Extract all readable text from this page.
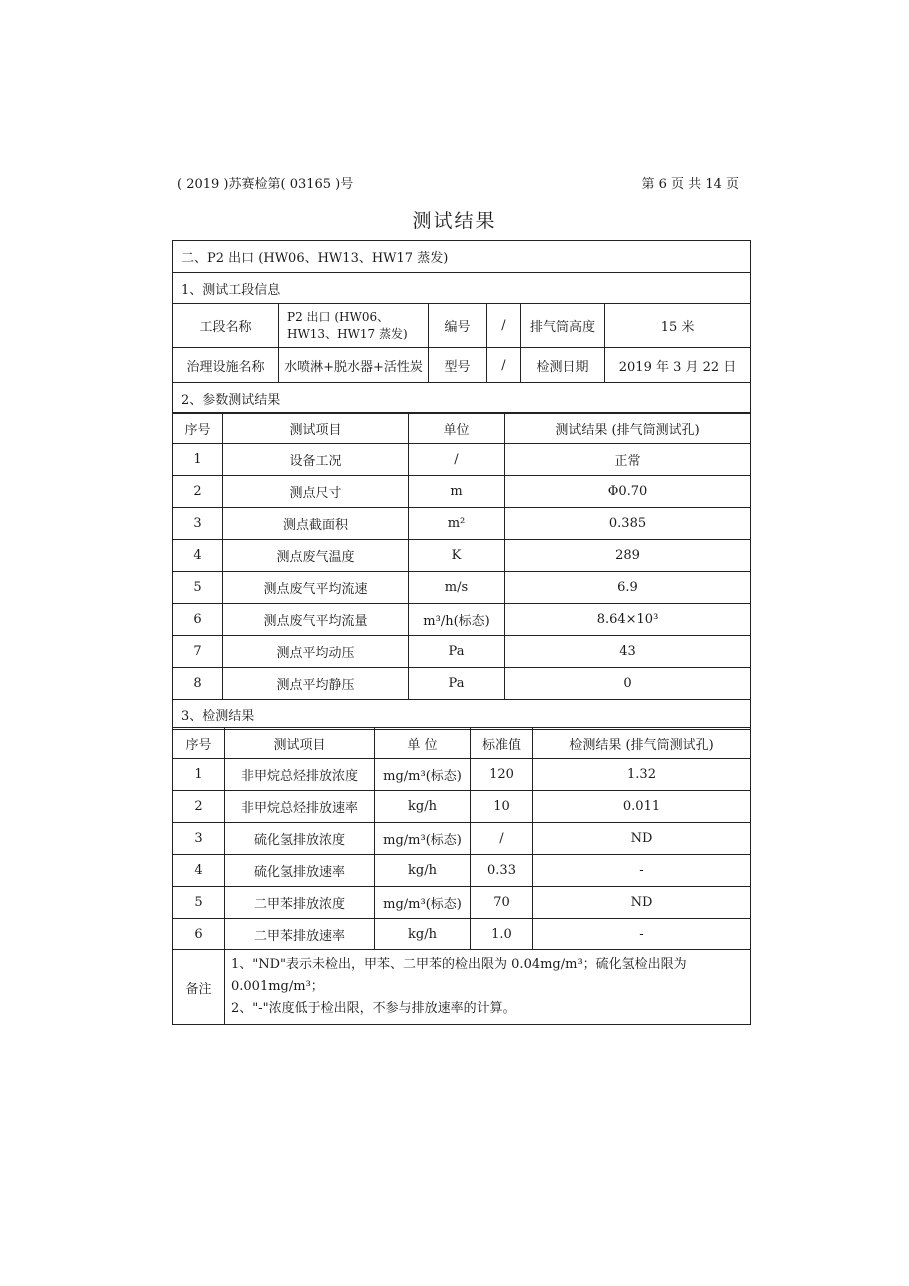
( 2019 )苏赛检第( 03165 )号	第 6 页 共 14 页
测试结果
二、P2 出口 (HW06、HW13、HW17 蒸发)					
1、测试工段信息					
工段名称	P2 出口 (HW06、HW13、HW17 蒸发)	编号	/	排气筒高度	15 米
治理设施名称	水喷淋+脱水器+活性炭	型号	/	检测日期	2019 年 3 月 22 日
2、参数测试结果					
序号	测试项目	单位	测试结果 (排气筒测试孔)
1	设备工况	/	正常
2	测点尺寸	m	Φ0.70
3	测点截面积	m²	0.385
4	测点废气温度	K	289
5	测点废气平均流速	m/s	6.9
6	测点废气平均流量	m³/h(标态)	8.64×10³
7	测点平均动压	Pa	43
8	测点平均静压	Pa	0
3、检测结果			
序号	测试项目	单 位	标准值	检测结果 (排气筒测试孔)
1	非甲烷总烃排放浓度	mg/m³(标态)	120	1.32
2	非甲烷总烃排放速率	kg/h	10	0.011
3	硫化氢排放浓度	mg/m³(标态)	/	ND
4	硫化氢排放速率	kg/h	0.33	-
5	二甲苯排放浓度	mg/m³(标态)	70	ND
6	二甲苯排放速率	kg/h	1.0	-
备注	1、"ND"表示未检出，甲苯、二甲苯的检出限为 0.04mg/m³；硫化氢检出限为 0.001mg/m³；
2、"-"浓度低于检出限，不参与排放速率的计算。			
